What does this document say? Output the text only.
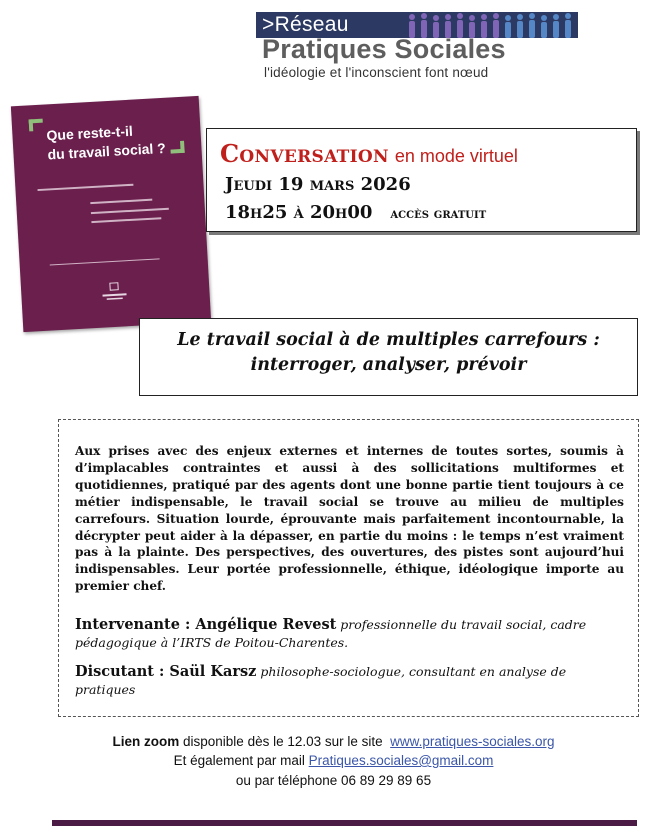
>Réseau
Pratiques Sociales
l'idéologie et l'inconscient font nœud
Que reste-t-il
du travail social ? Conversation en mode virtuel
Jeudi 19 mars 2026
18h25 à 20h00 accès gratuit
Le travail social à de multiples carrefours :
interroger, analyser, prévoir
Aux prises avec des enjeux externes et internes de toutes sortes, soumis à d’implacables contraintes et aussi à des sollicitations multiformes et quotidiennes, pratiqué par des agents dont une bonne partie tient toujours à ce métier indispensable, le travail social se trouve au milieu de multiples carrefours. Situation lourde, éprouvante mais parfaitement incontournable, la décrypter peut aider à la dépasser, en partie du moins : le temps n’est vraiment pas à la plainte. Des perspectives, des ouvertures, des pistes sont aujourd’hui indispensables. Leur portée professionnelle, éthique, idéologique importe au premier chef.
Intervenante : Angélique Revest professionnelle du travail social, cadre pédagogique à l’IRTS de Poitou-Charentes.
Discutant : Saül Karsz philosophe-sociologue, consultant en analyse de pratiques
Lien zoom disponible dès le 12.03 sur le site www.pratiques-sociales.org
Et également par mail Pratiques.sociales@gmail.com
ou par téléphone 06 89 29 89 65
